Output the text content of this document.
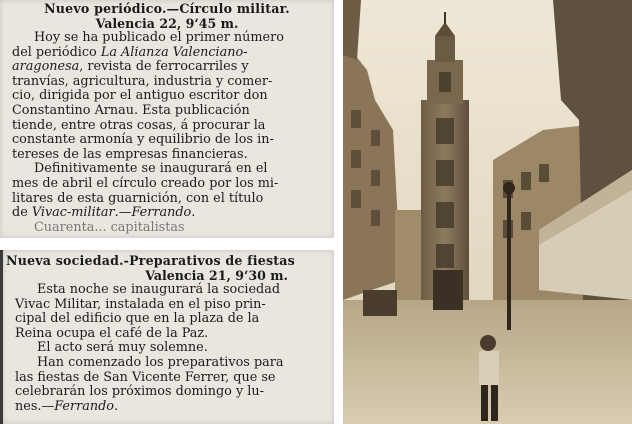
Nuevo periódico.—Círculo militar.
Valencia 22, 9‘45 m.
Hoy se ha publicado el primer número
del periódico La Alianza Valenciano-
aragonesa, revista de ferrocarriles y
tranvías, agricultura, industria y comer-
cio, dirigida por el antiguo escritor don
Constantino Arnau. Esta publicación
tiende, entre otras cosas, á procurar la
constante armonía y equilibrio de los in-
tereses de las empresas financieras.
Definitivamente se inaugurará en el
mes de abril el círculo creado por los mi-
litares de esta guarnición, con el título
de Vivac-militar.—Ferrando.
Cuarenta... capitalistas
Nueva sociedad.-Preparativos de fiestas
Valencia 21, 9‘30 m.
Esta noche se inaugurará la sociedad
Vivac Militar, instalada en el piso prin-
cipal del edificio que en la plaza de la
Reina ocupa el café de la Paz.
El acto será muy solemne.
Han comenzado los preparativos para
las fiestas de San Vicente Ferrer, que se
celebrarán los próximos domingo y lu-
nes.—Ferrando.
